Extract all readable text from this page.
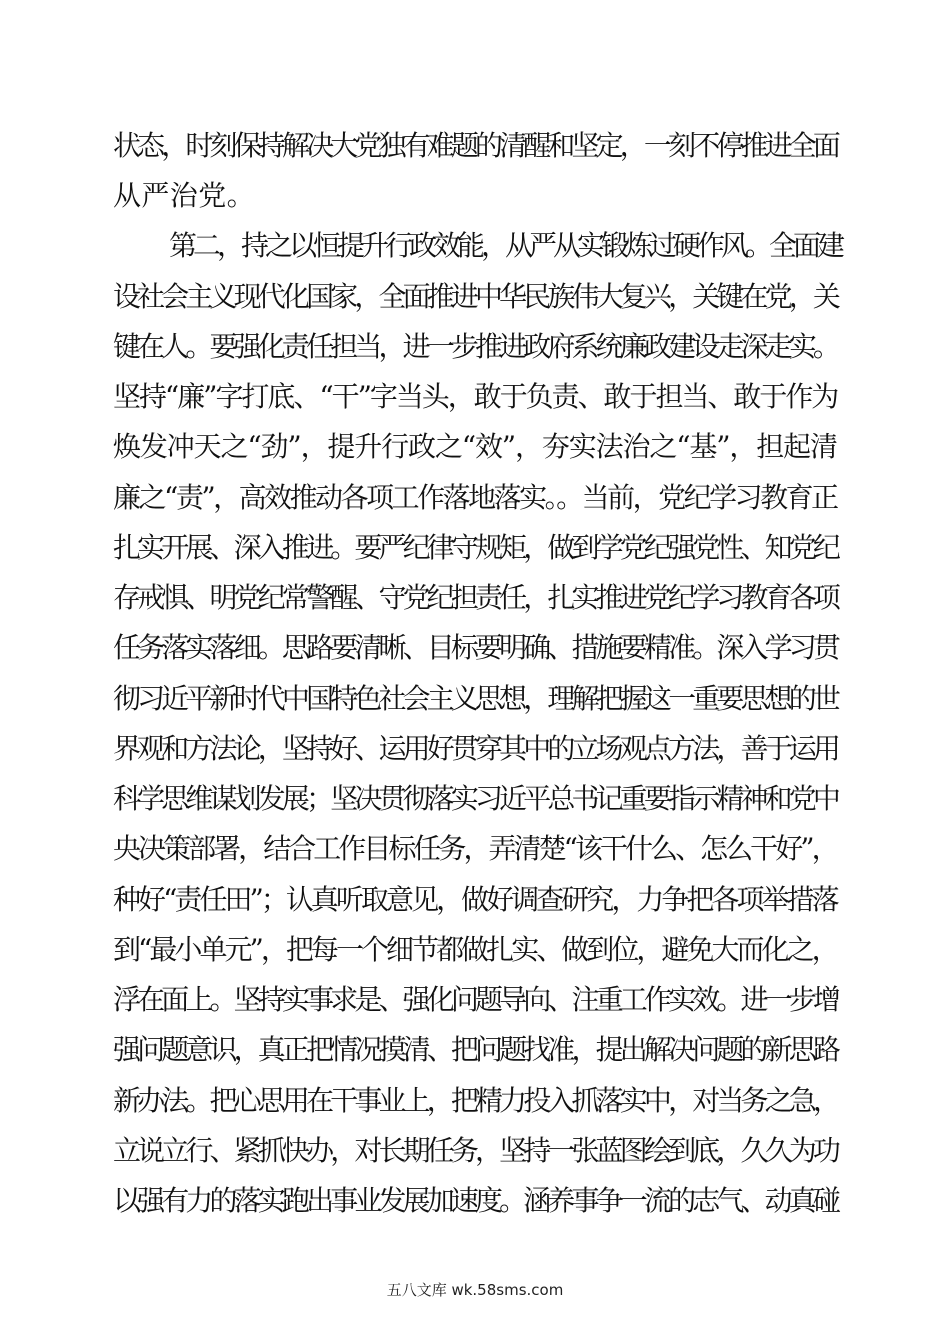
状态，时刻保持解决大党独有难题的清醒和坚定，一刻不停推进全面
从严治党。
第二，持之以恒提升行政效能，从严从实锻炼过硬作风。全面建
设社会主义现代化国家，全面推进中华民族伟大复兴，关键在党，关
键在人。要强化责任担当，进一步推进政府系统廉政建设走深走实。
坚持“廉”字打底、“干”字当头，敢于负责、敢于担当、敢于作为
焕发冲天之“劲”，提升行政之“效”，夯实法治之“基”，担起清
廉之“责”，高效推动各项工作落地落实。。当前，党纪学习教育正
扎实开展、深入推进。要严纪律守规矩，做到学党纪强党性、知党纪
存戒惧、明党纪常警醒、守党纪担责任，扎实推进党纪学习教育各项
任务落实落细。思路要清晰、目标要明确、措施要精准。深入学习贯
彻习近平新时代中国特色社会主义思想，理解把握这一重要思想的世
界观和方法论，坚持好、运用好贯穿其中的立场观点方法，善于运用
科学思维谋划发展；坚决贯彻落实习近平总书记重要指示精神和党中
央决策部署，结合工作目标任务，弄清楚“该干什么、怎么干好”，
种好“责任田”；认真听取意见，做好调查研究，力争把各项举措落
到“最小单元”，把每一个细节都做扎实、做到位，避免大而化之，
浮在面上。坚持实事求是、强化问题导向、注重工作实效。进一步增
强问题意识，真正把情况摸清、把问题找准，提出解决问题的新思路
新办法。把心思用在干事业上，把精力投入抓落实中，对当务之急，
立说立行、紧抓快办，对长期任务，坚持一张蓝图绘到底，久久为功
以强有力的落实跑出事业发展加速度。涵养事争一流的志气、动真碰
五八文库 wk.58sms.com
